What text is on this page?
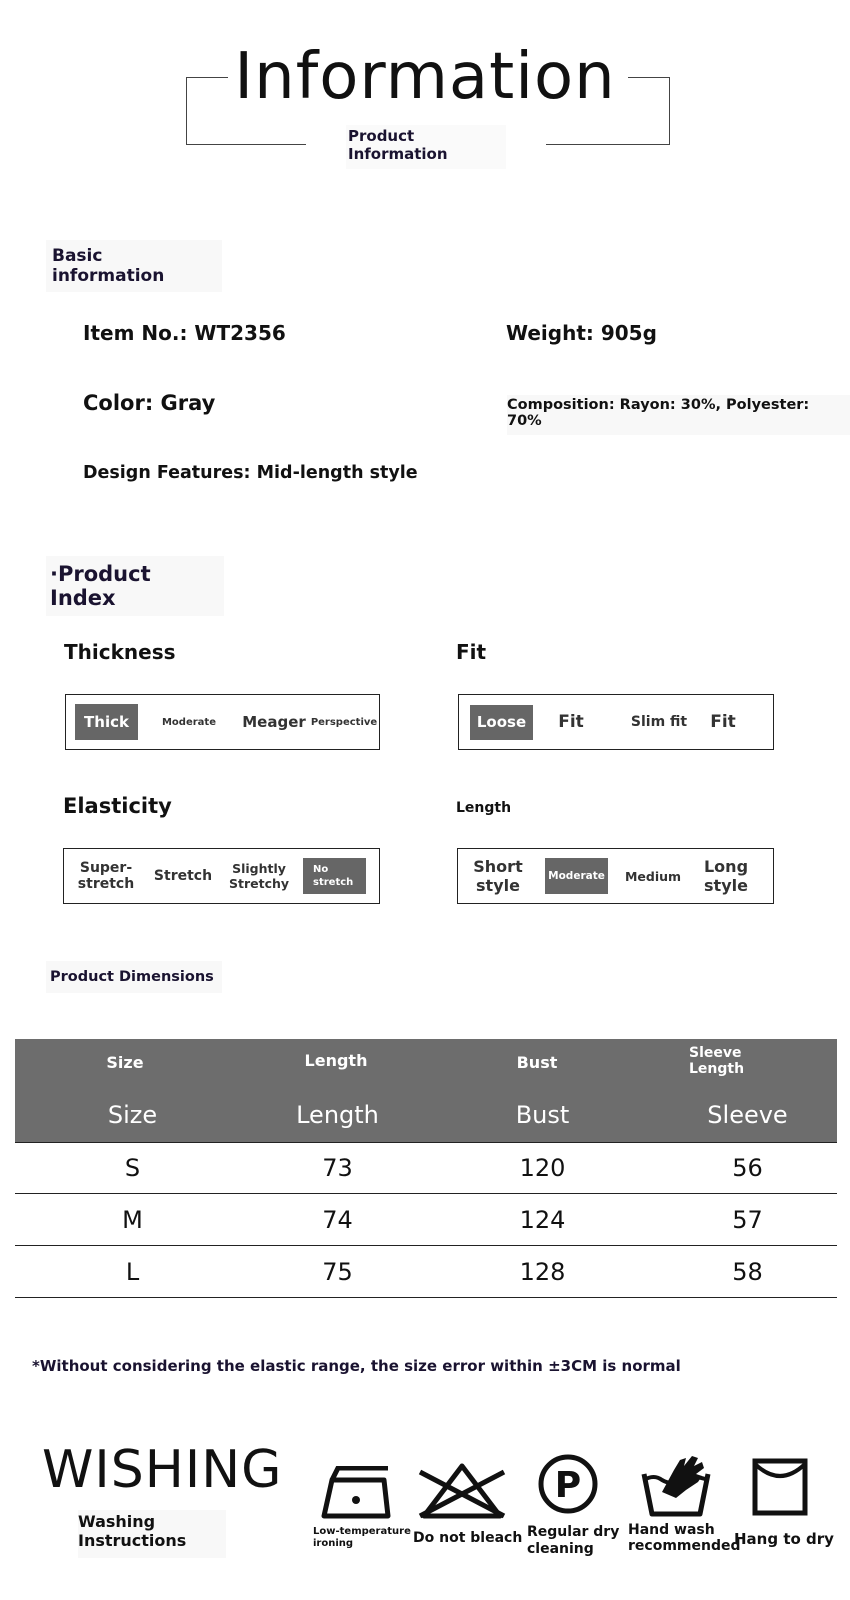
Information
Product
Information
Basic information
Item No.: WT2356	Weight: 905g
Color: Gray	Composition: Rayon: 30%, Polyester: 70%
Design Features: Mid-length style
·Product Index
Thickness
Thick	Moderate	Meager Perspective
Fit
Loose	Fit	Slim fit	Fit
Elasticity
Super-stretch
Stretch	Slightly Stretchy
No stretch
Length
Short style
Moderate	Medium	Long style
Product Dimensions
Size	Length	Bust	Sleeve Length
Size	Length	Bust	Sleeve
S	73	120	56
M	74	124	57
L	75	128	58
*Without considering the elastic range, the size error within ±3CM is normal
WISHING
Washing
Instructions	Low-temperature
ironing	Do not bleach
P
Regular dry
cleaning
Hand wash
recommended
Hang to dry
